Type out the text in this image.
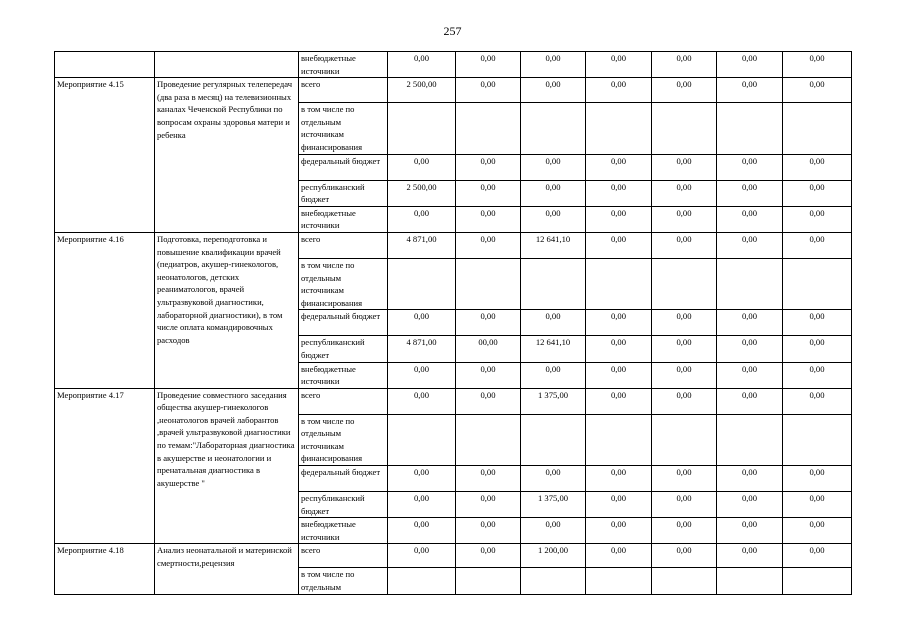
257
		внебюджетные источники	0,00	0,00	0,00	0,00	0,00	0,00	0,00
Мероприятие 4.15	Проведение регулярных телепередач (два раза в месяц) на телевизионных каналах Чеченской Республики по вопросам охраны здоровья матери и ребенка	всего	2 500,00	0,00	0,00	0,00	0,00	0,00	0,00
		в том числе по отдельным источникам финансирования							
		федеральный бюджет	0,00	0,00	0,00	0,00	0,00	0,00	0,00
		республиканский бюджет	2 500,00	0,00	0,00	0,00	0,00	0,00	0,00
		внебюджетные источники	0,00	0,00	0,00	0,00	0,00	0,00	0,00
Мероприятие 4.16	Подготовка, переподготовка и повышение квалификации врачей (педиатров, акушер-гинекологов, неонатологов, детских реаниматологов, врачей ультразвуковой диагностики, лабораторной диагностики), в том числе оплата командировочных расходов	всего	4 871,00	0,00	12 641,10	0,00	0,00	0,00	0,00
		в том числе по отдельным источникам финансирования							
		федеральный бюджет	0,00	0,00	0,00	0,00	0,00	0,00	0,00
		республиканский бюджет	4 871,00	00,00	12 641,10	0,00	0,00	0,00	0,00
		внебюджетные источники	0,00	0,00	0,00	0,00	0,00	0,00	0,00
Мероприятие 4.17	Проведение совместного заседания общества акушер-гинекологов ,неонатологов врачей лаборантов ,врачей ультразвуковой диагностики по темам:"Лабораторная диагностика в акушерстве и неонатологии и пренатальная диагностика в акушерстве "	всего	0,00	0,00	1 375,00	0,00	0,00	0,00	0,00
		в том числе по отдельным источникам финансирования							
		федеральный бюджет	0,00	0,00	0,00	0,00	0,00	0,00	0,00
		республиканский бюджет	0,00	0,00	1 375,00	0,00	0,00	0,00	0,00
		внебюджетные источники	0,00	0,00	0,00	0,00	0,00	0,00	0,00
Мероприятие 4.18	Анализ неонатальной и материнской смертности,рецензия	всего	0,00	0,00	1 200,00	0,00	0,00	0,00	0,00
		в том числе по отдельным							
